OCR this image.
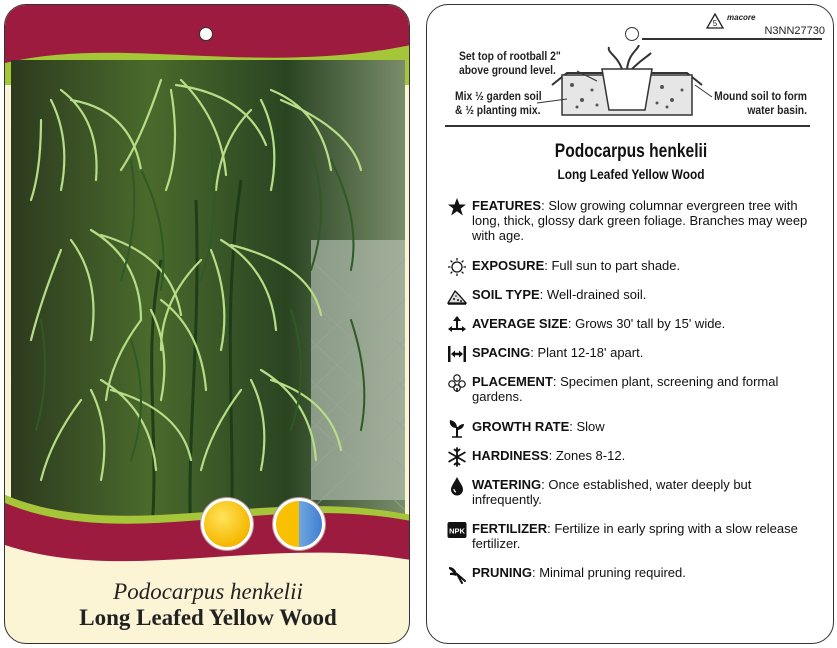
Podocarpus henkelii
Long Leafed Yellow Wood
5
macore
N3NN27730
Set top of rootball 2"
above ground level.
Mix ½ garden soil
& ½ planting mix.
Mound soil to form
water basin.
Podocarpus henkelii
Long Leafed Yellow Wood
FEATURES: Slow growing columnar evergreen tree with long, thick, glossy dark green foliage. Branches may weep with age.
EXPOSURE: Full sun to part shade.
SOIL TYPE: Well-drained soil.
AVERAGE SIZE: Grows 30' tall by 15' wide.
SPACING: Plant 12-18' apart.
PLACEMENT: Specimen plant, screening and formal gardens.
GROWTH RATE: Slow
HARDINESS: Zones 8-12.
WATERING: Once established, water deeply but infrequently.
NPK FERTILIZER: Fertilize in early spring with a slow release fertilizer.
PRUNING: Minimal pruning required.
